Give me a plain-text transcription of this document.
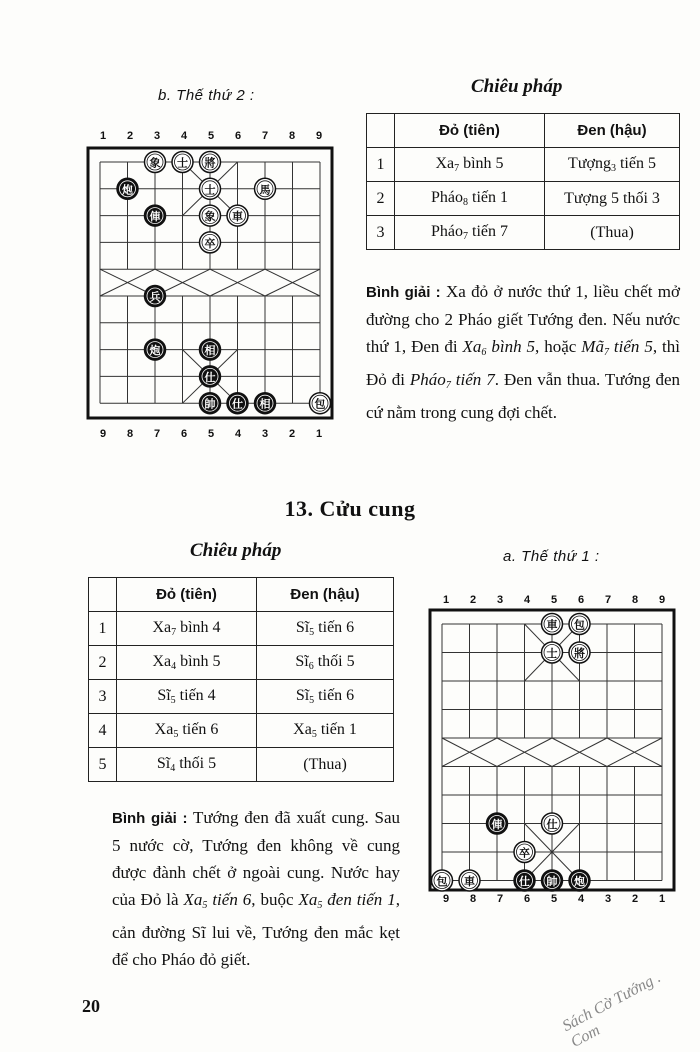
b. Thế thứ 2 :
1	2	3	4	5	6	7	8	9
象 士 將
士	馬
炮
俥	象 車
卒
兵
炮	相
仕
帥 仕 相	包
9	8	7	6	5	4	3	2	1
Chiêu pháp
	Đỏ (tiên)	Đen (hậu)
1	$Xa_7$ bình 5	Tượng$_3$ tiến 5
2	Pháo$_8$ tiến 1	Tượng 5 thối 3
3	Pháo$_7$ tiến 7	(Thua)
Bình giải : Xa đỏ ở nước thứ 1, liều chết mở đường cho 2 Pháo giết Tướng đen. Nếu nước thứ 1, Đen đi $Xa_6$ bình 5, hoặc $Mã_7$ tiến 5, thì Đỏ đi Pháo$_7$ tiến 7. Đen vẫn thua. Tướng đen cứ nằm trong cung đợi chết.
13. Cửu cung
Chiêu pháp
	Đỏ (tiên)	Đen (hậu)
1	$Xa_7$ bình 4	$Sĩ_5$ tiến 6
2	$Xa_4$ bình 5	$Sĩ_6$ thối 5
3	$Sĩ_5$ tiến 4	$Sĩ_5$ tiến 6
4	$Xa_5$ tiến 6	$Xa_5$ tiến 1
5	$Sĩ_4$ thối 5	(Thua)
Bình giải : Tướng đen đã xuất cung. Sau 5 nước cờ, Tướng đen không về cung được đành chết ở ngoài cung. Nước hay của Đỏ là $Xa_5$ tiến 6, buộc $Xa_5$ đen tiến 1, cản đường Sĩ lui về, Tướng đen mắc kẹt để cho Pháo đỏ giết.
a. Thế thứ 1 :
1	2	3	4	5	6	7	8	9
車 包
士 將
俥	仕
卒
包 車	仕 帥 炮
9	8	7	6	5	4	3	2	1
20	Sách Cờ Tướng . Com
